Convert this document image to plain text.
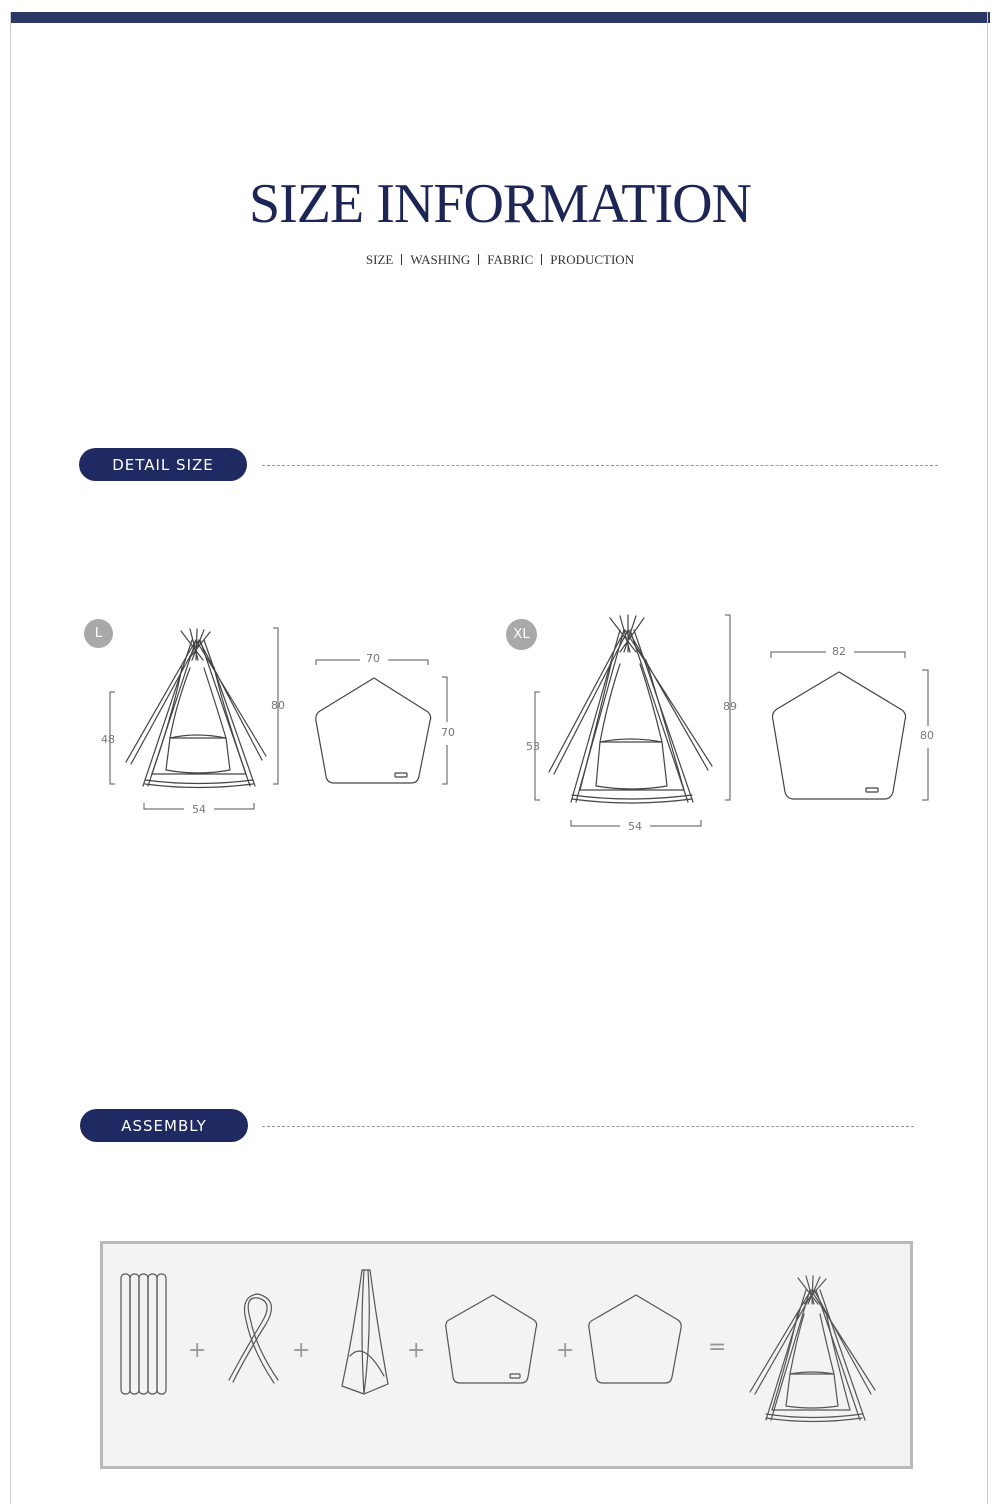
SIZE INFORMATION
SIZE WASHING FABRIC PRODUCTION
DETAIL SIZE
L	XL
48
80
54
70
70
53
89
54
82
80
ASSEMBLY
+	+	+	+	=
